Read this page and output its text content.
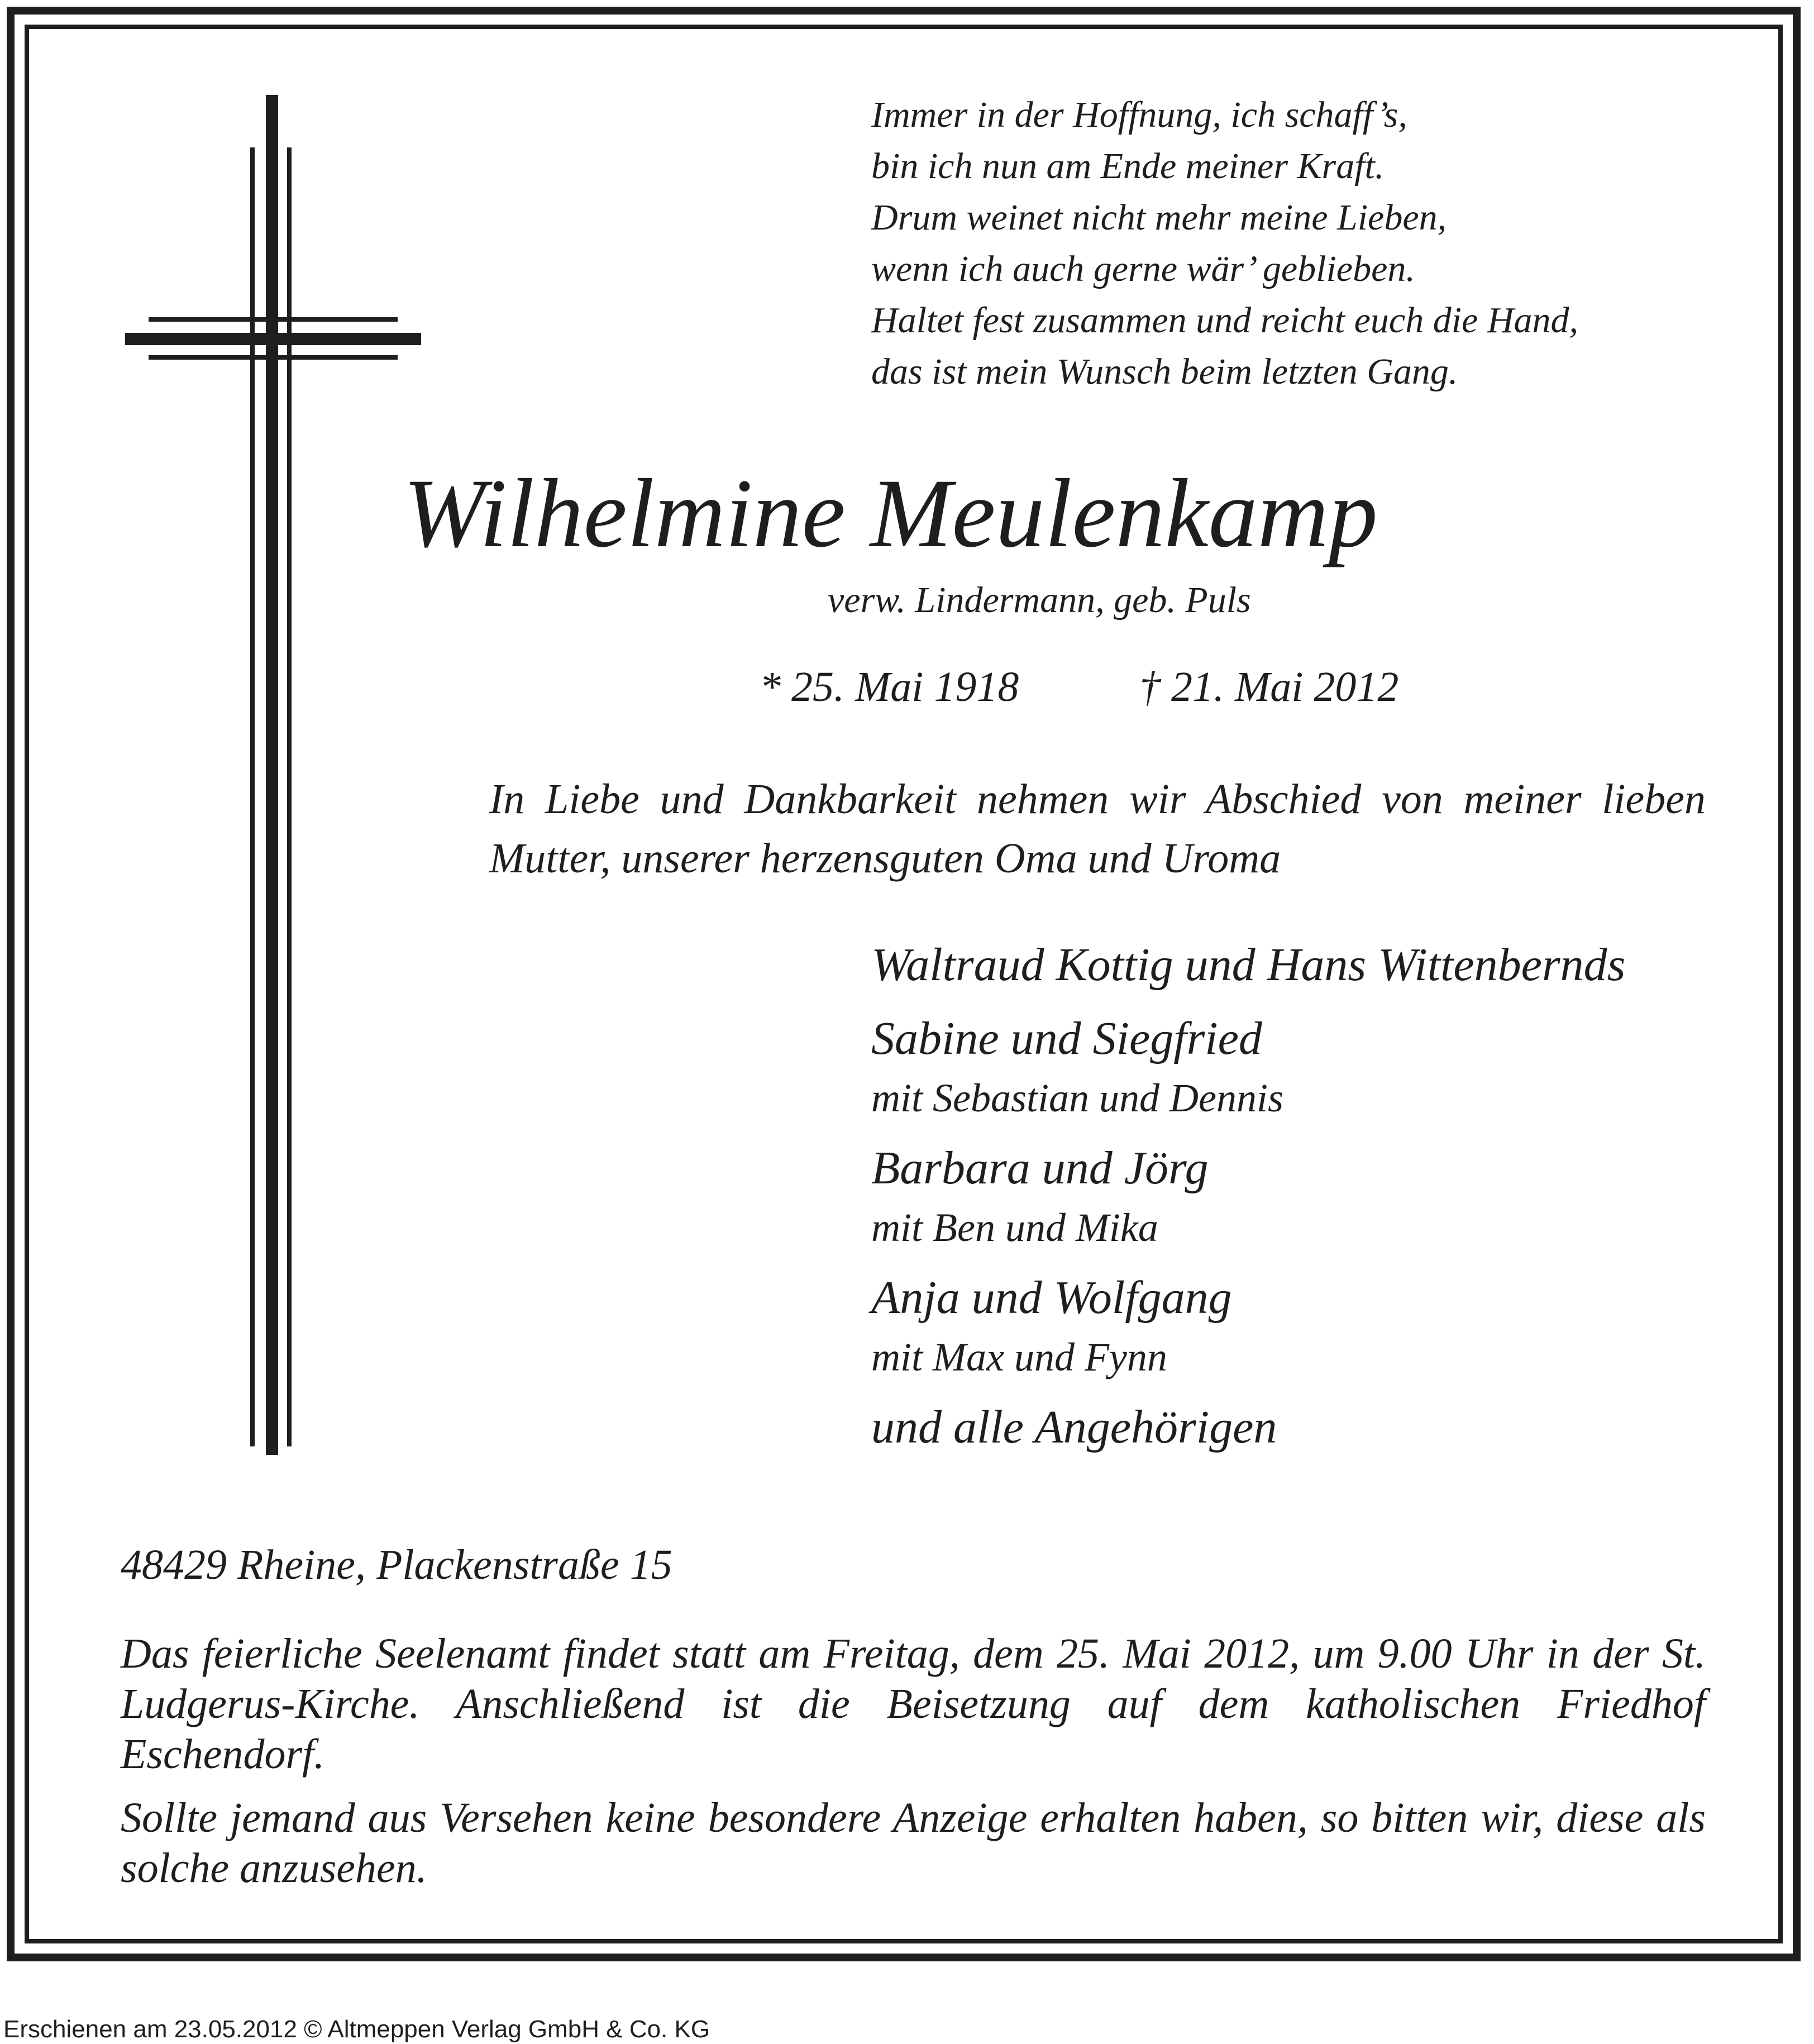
Immer in der Hoffnung, ich schaff’s,
bin ich nun am Ende meiner Kraft.
Drum weinet nicht mehr meine Lieben,
wenn ich auch gerne wär’ geblieben.
Haltet fest zusammen und reicht euch die Hand,
das ist mein Wunsch beim letzten Gang.
Wilhelmine Meulenkamp
verw. Lindermann, geb. Puls
* 25. Mai 1918	† 21. Mai 2012
In Liebe und Dankbarkeit nehmen wir Abschied von meiner lieben Mutter, unserer herzensguten Oma und Uroma
Waltraud Kottig und Hans Wittenbernds
Sabine und Siegfried
mit Sebastian und Dennis
Barbara und Jörg
mit Ben und Mika
Anja und Wolfgang
mit Max und Fynn
und alle Angehörigen
48429 Rheine, Plackenstraße 15
Das feierliche Seelenamt findet statt am Freitag, dem 25. Mai 2012, um 9.00 Uhr in der St. Ludgerus-Kirche. Anschließend ist die Beisetzung auf dem katholischen Friedhof Eschendorf.
Sollte jemand aus Versehen keine besondere Anzeige erhalten haben, so bitten wir, diese als solche anzusehen.
Erschienen am 23.05.2012 © Altmeppen Verlag GmbH & Co. KG
